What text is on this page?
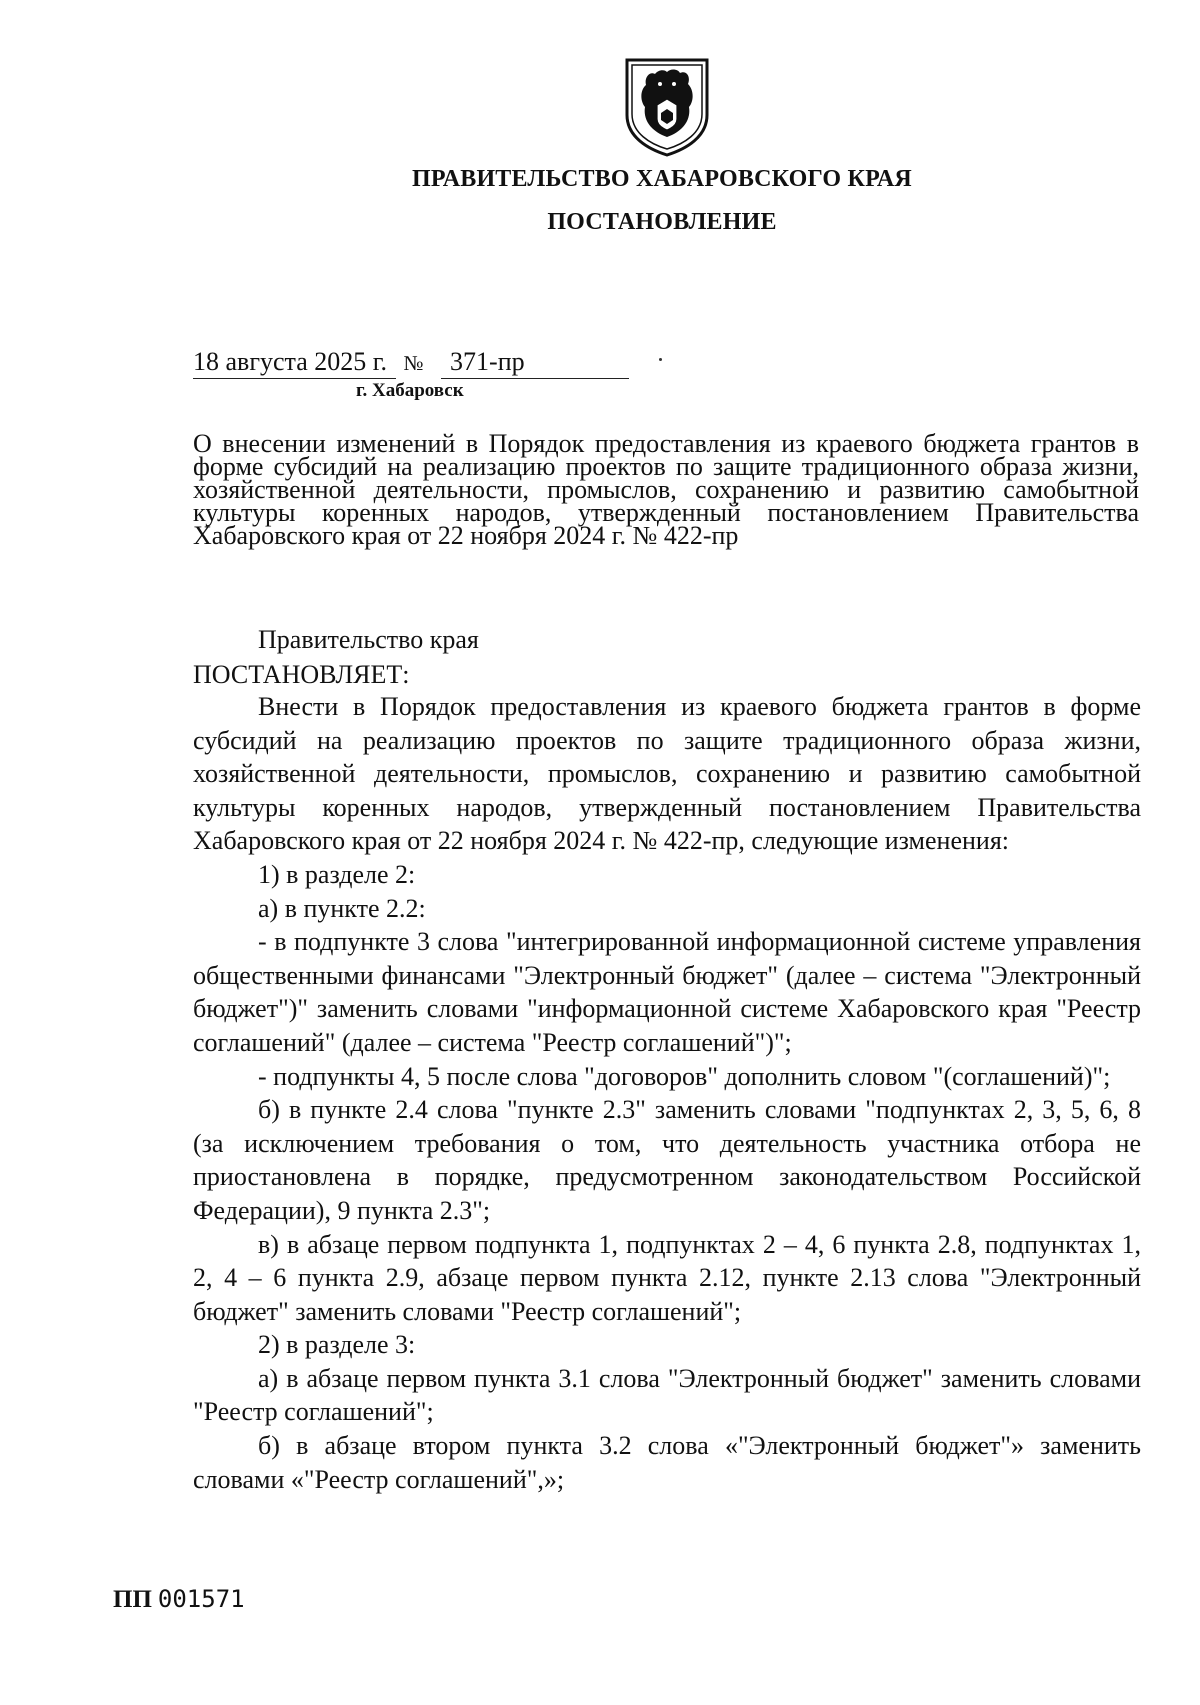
ПРАВИТЕЛЬСТВО ХАБАРОВСКОГО КРАЯ
ПОСТАНОВЛЕНИЕ
18 августа 2025 г. № 371-пр
г. Хабаровск
О внесении изменений в Порядок предоставления из краевого бюджета грантов в форме субсидий на реализацию проектов по защите традиционного образа жизни, хозяйственной деятельности, промыслов, сохранению и развитию самобытной культуры коренных народов, утвержденный постановлением Правительства Хабаровского края от 22 ноября 2024 г. № 422-пр
Правительство края
ПОСТАНОВЛЯЕТ:

Внести в Порядок предоставления из краевого бюджета грантов в форме субсидий на реализацию проектов по защите традиционного образа жизни, хозяйственной деятельности, промыслов, сохранению и развитию самобытной культуры коренных народов, утвержденный постановлением Правительства Хабаровского края от 22 ноября 2024 г. № 422-пр, следующие изменения:

1) в разделе 2:

а) в пункте 2.2:

- в подпункте 3 слова "интегрированной информационной системе управления общественными финансами "Электронный бюджет" (далее – система "Электронный бюджет")" заменить словами "информационной системе Хабаровского края "Реестр соглашений" (далее – система "Реестр соглашений")";

- подпункты 4, 5 после слова "договоров" дополнить словом "(соглашений)";

б) в пункте 2.4 слова "пункте 2.3" заменить словами "подпунктах 2, 3, 5, 6, 8 (за исключением требования о том, что деятельность участника отбора не приостановлена в порядке, предусмотренном законодательством Российской Федерации), 9 пункта 2.3";

в) в абзаце первом подпункта 1, подпунктах 2 – 4, 6 пункта 2.8, подпунктах 1, 2, 4 – 6 пункта 2.9, абзаце первом пункта 2.12, пункте 2.13 слова "Электронный бюджет" заменить словами "Реестр соглашений";

2) в разделе 3:

а) в абзаце первом пункта 3.1 слова "Электронный бюджет" заменить словами "Реестр соглашений";

б) в абзаце втором пункта 3.2 слова «"Электронный бюджет"» заменить словами «"Реестр соглашений",»;

ПП 001571
